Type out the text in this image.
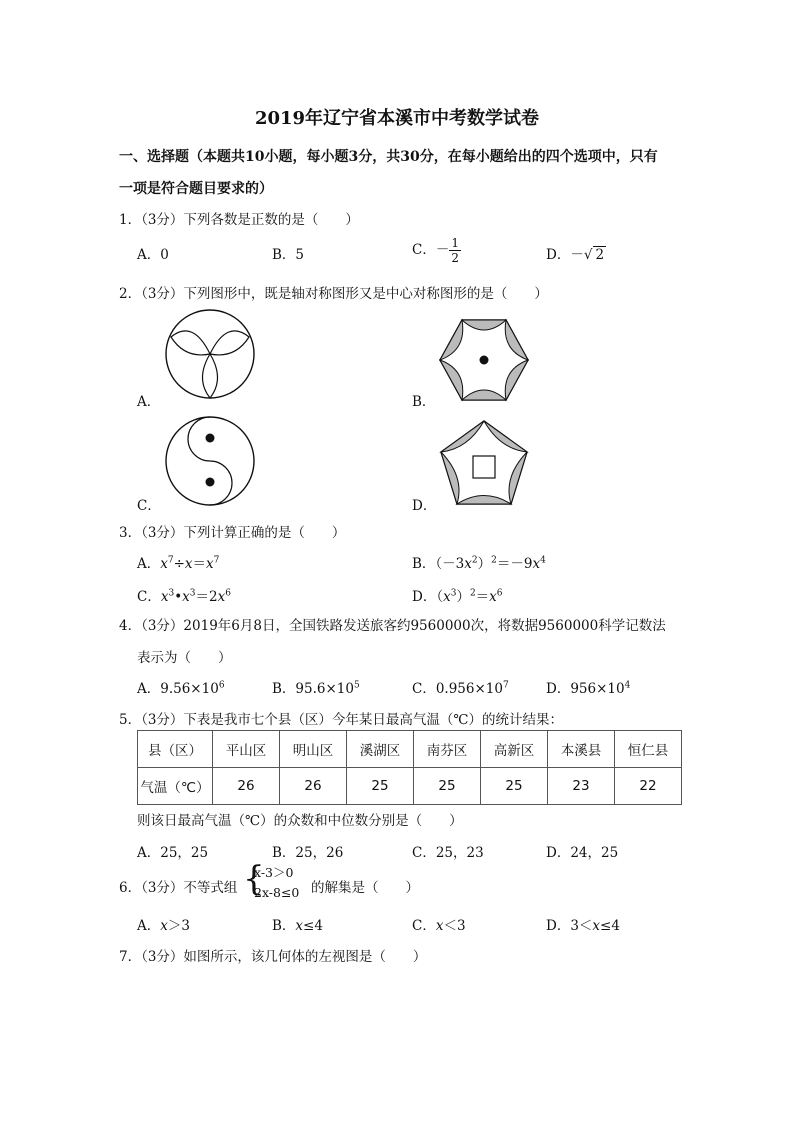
2019年辽宁省本溪市中考数学试卷
一、选择题（本题共10小题，每小题3分，共30分，在每小题给出的四个选项中，只有
一项是符合题目要求的）
1．（3分）下列各数是正数的是（　　）
A．0	B．5	C．－ $\frac{1}{2}$	D．－√ 2
2．（3分）下列图形中，既是轴对称图形又是中心对称图形的是（　　）
A．	B．
C．	D．
3．（3分）下列计算正确的是（　　）
A．$x^7\div x=x^7$	B．$(-3x^2)^2=-9x^4$
C．$x^3•x^3=2x^6$	D．$(x^3)^2=x^6$
4．（3分）2019年6月8日，全国铁路发送旅客约9560000次，将数据9560000科学记数法
表示为（　　）
A．$9.56\times 10^6$	B．$95.6\times 10^5$	C．$0.956\times 10^7$	D．$956\times 10^4$
5．（3分）下表是我市七个县（区）今年某日最高气温（℃）的统计结果：
县（区）	平山区	明山区	溪湖区	南芬区	高新区	本溪县	恒仁县
气温（℃）	26	26	25	25	25	23	22
则该日最高气温（℃）的众数和中位数分别是（　　）
A．25，25	B．25，26	C．25，23	D．24，25
6．（3分）不等式组 {
x-3＞0
2x-8≤0 的解集是（　　）
A．x＞3	B．x≤4	C．x＜3	D．3＜x≤4
7．（3分）如图所示，该几何体的左视图是（　　）
